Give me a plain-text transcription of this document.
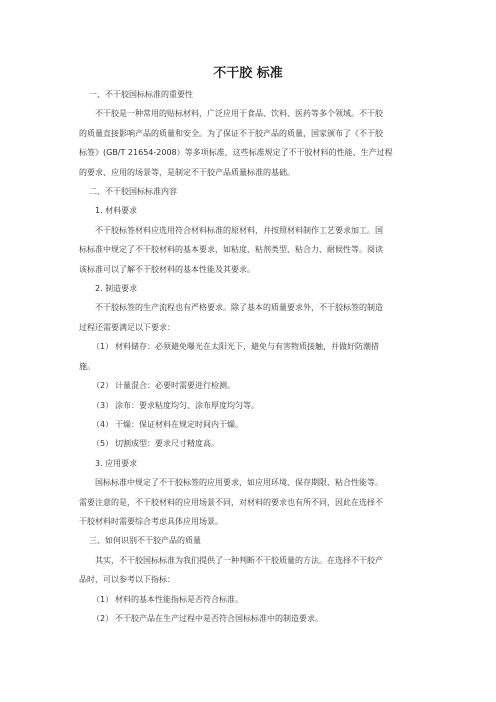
不干胶 标准
一、不干胶国标标准的重要性
不干胶是一种常用的贴标材料，广泛应用于食品、饮料、医药等多个领域。不干胶
的质量直接影响产品的质量和安全。为了保证不干胶产品的质量，国家颁布了《不干胶
标签》(GB/T 21654-2008）等多项标准，这些标准规定了不干胶材料的性能、生产过程
的要求、应用的场景等，是制定不干胶产品质量标准的基础。
二、不干胶国标标准内容
1. 材料要求
不干胶标签材料应选用符合材料标准的原材料，并按照材料制作工艺要求加工。国
标标准中规定了不干胶材料的基本要求，如粘度、粘剂类型、粘合力、耐候性等。阅读
该标准可以了解不干胶材料的基本性能及其要求。
2. 制造要求
不干胶标签的生产流程也有严格要求。除了基本的质量要求外，不干胶标签的制造
过程还需要满足以下要求：
（1） 材料储存：必须避免曝光在太阳光下，避免与有害物质接触，并做好防潮措
施。
（2） 计量混合：必要时需要进行检测。
（3） 涂布：要求粘度均匀、涂布厚度均匀等。
（4） 干燥：保证材料在规定时间内干燥。
（5） 切割成型：要求尺寸精度高。
3. 应用要求
国标标准中规定了不干胶标签的应用要求，如应用环境、保存期限、粘合性能等。
需要注意的是，不干胶材料的应用场景不同，对材料的要求也有所不同，因此在选择不
干胶材料时需要综合考虑具体应用场景。
三、如何识别不干胶产品的质量
其实，不干胶国标标准为我们提供了一种判断不干胶质量的方法。在选择不干胶产
品时，可以参考以下指标：
（1） 材料的基本性能指标是否符合标准。
（2） 不干胶产品在生产过程中是否符合国标标准中的制造要求。
